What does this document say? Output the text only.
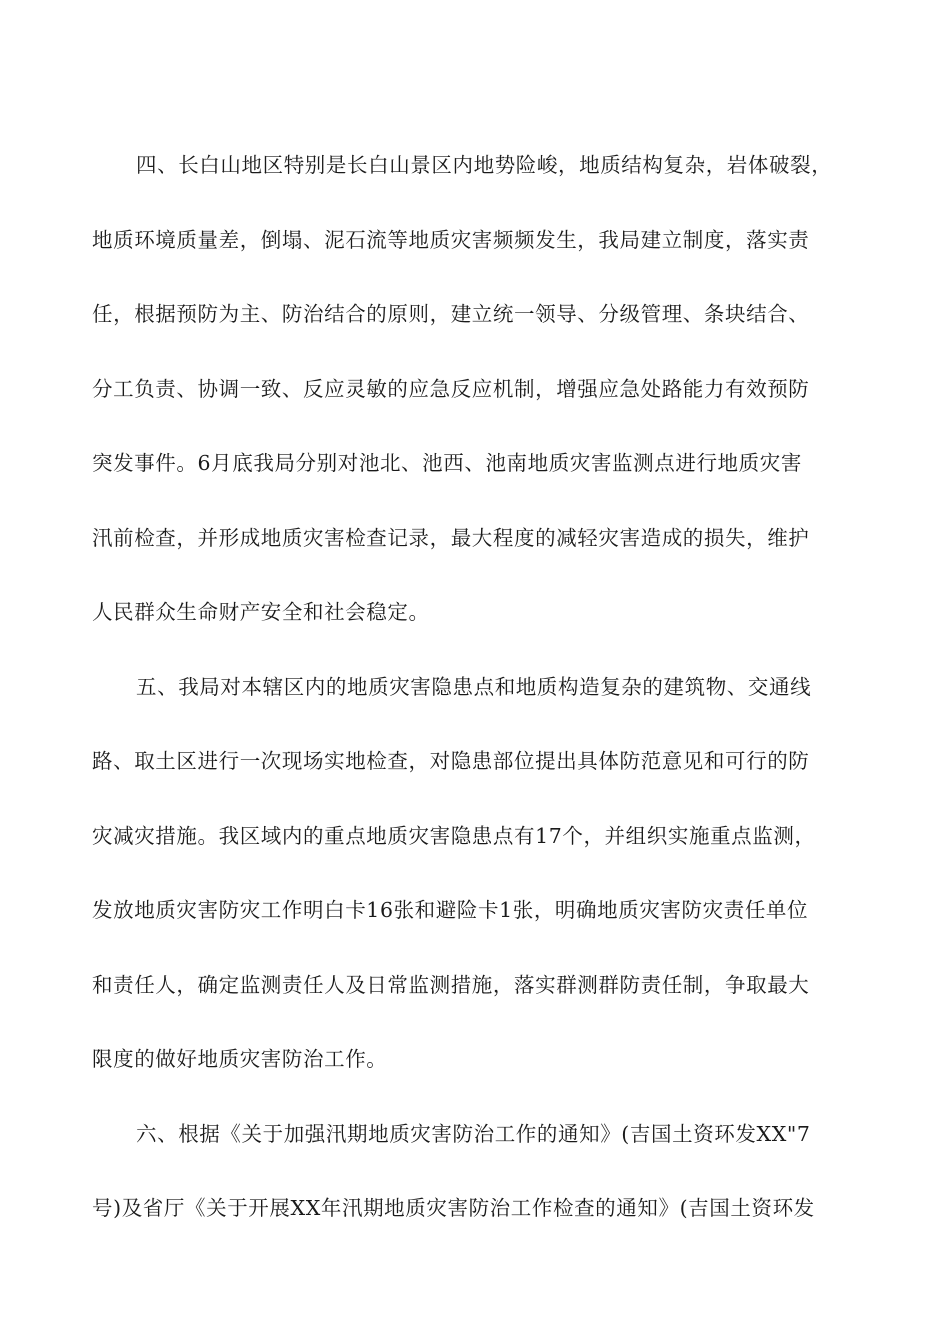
四、长白山地区特别是长白山景区内地势险峻，地质结构复杂，岩体破裂，
地质环境质量差，倒塌、泥石流等地质灾害频频发生，我局建立制度，落实责
任，根据预防为主、防治结合的原则，建立统一领导、分级管理、条块结合、
分工负责、协调一致、反应灵敏的应急反应机制，增强应急处路能力有效预防
突发事件。6月底我局分别对池北、池西、池南地质灾害监测点进行地质灾害
汛前检查，并形成地质灾害检查记录，最大程度的减轻灾害造成的损失，维护
人民群众生命财产安全和社会稳定。

五、我局对本辖区内的地质灾害隐患点和地质构造复杂的建筑物、交通线
路、取土区进行一次现场实地检查，对隐患部位提出具体防范意见和可行的防
灾减灾措施。我区域内的重点地质灾害隐患点有17个，并组织实施重点监测，
发放地质灾害防灾工作明白卡16张和避险卡1张，明确地质灾害防灾责任单位
和责任人，确定监测责任人及日常监测措施，落实群测群防责任制，争取最大
限度的做好地质灾害防治工作。

六、根据《关于加强汛期地质灾害防治工作的通知》(吉国土资环发XX"7
号)及省厅《关于开展XX年汛期地质灾害防治工作检查的通知》(吉国土资环发
